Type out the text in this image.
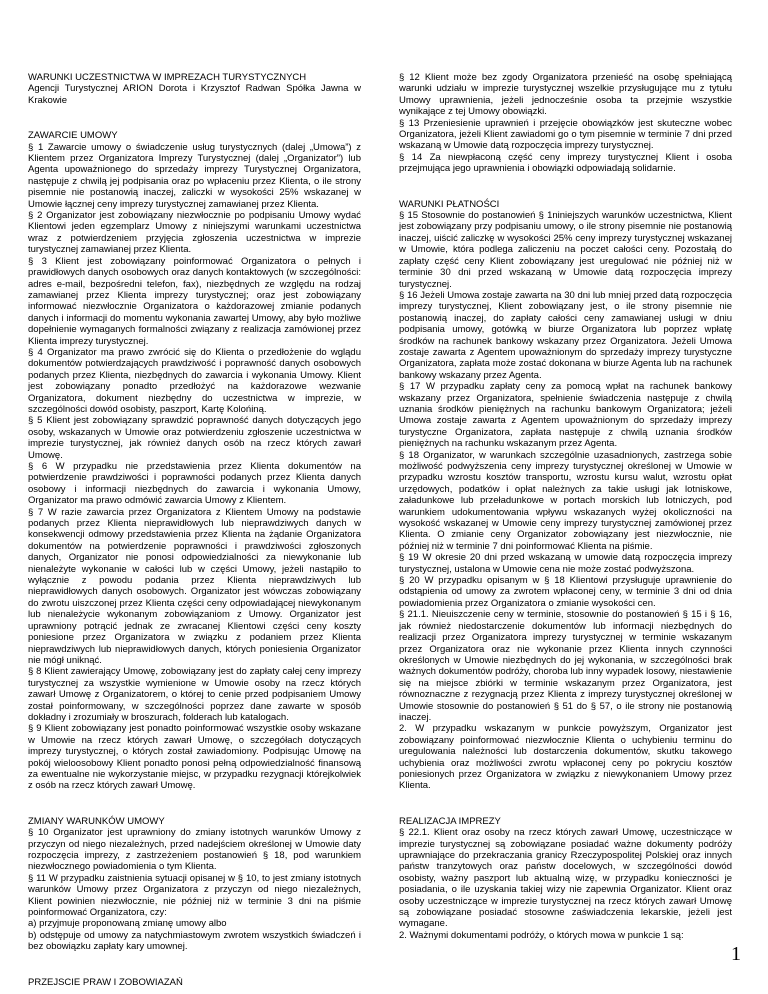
WARUNKI UCZESTNICTWA W IMPREZACH TURYSTYCZNYCH

Agencji Turystycznej ARION Dorota i Krzysztof Radwan Spółka Jawna w Krakowie

ZAWARCIE UMOWY

§ 1 Zawarcie umowy o świadczenie usług turystycznych (dalej „Umowa”) z Klientem przez Organizatora Imprezy Turystycznej (dalej „Organizator”) lub Agenta upoważnionego do sprzedaży imprezy Turystycznej Organizatora, następuje z chwilą jej podpisania oraz po wpłaceniu przez Klienta, o ile strony pisemnie nie postanowią inaczej, zaliczki w wysokości 25% wskazanej w Umowie łącznej ceny imprezy turystycznej zamawianej przez Klienta.

§ 2 Organizator jest zobowiązany niezwłocznie po podpisaniu Umowy wydać Klientowi jeden egzemplarz Umowy z niniejszymi warunkami uczestnictwa wraz z potwierdzeniem przyjęcia zgłoszenia uczestnictwa w imprezie turystycznej zamawianej przez Klienta.

§ 3 Klient jest zobowiązany poinformować Organizatora o pełnych i prawidłowych danych osobowych oraz danych kontaktowych (w szczególności: adres e-mail, bezpośredni telefon, fax), niezbędnych ze względu na rodzaj zamawianej przez Klienta imprezy turystycznej; oraz jest zobowiązany informować niezwłocznie Organizatora o każdorazowej zmianie podanych danych i informacji do momentu wykonania zawartej Umowy, aby było możliwe dopełnienie wymaganych formalności związany z realizacja zamówionej przez Klienta imprezy turystycznej.

§ 4 Organizator ma prawo zwrócić się do Klienta o przedłożenie do wglądu dokumentów potwierdzających prawdziwość i poprawność danych osobowych podanych przez Klienta, niezbędnych do zawarcia i wykonania Umowy. Klient jest zobowiązany ponadto przedłożyć na każdorazowe wezwanie Organizatora, dokument niezbędny do uczestnictwa w imprezie, w szczególności dowód osobisty, paszport, Kartę Kolońiną.

§ 5 Klient jest zobowiązany sprawdzić poprawność danych dotyczących jego osoby, wskazanych w Umowie oraz potwierdzeniu zgłoszenie uczestnictwa w imprezie turystycznej, jak również danych osób na rzecz których zawarł Umowę.

§ 6 W przypadku nie przedstawienia przez Klienta dokumentów na potwierdzenie prawdziwości i poprawności podanych przez Klienta danych osobowy i informacji niezbędnych do zawarcia i wykonania Umowy, Organizator ma prawo odmówić zawarcia Umowy z Klientem.

§ 7 W razie zawarcia przez Organizatora z Klientem Umowy na podstawie podanych przez Klienta nieprawidłowych lub nieprawdziwych danych w konsekwencji odmowy przedstawienia przez Klienta na żądanie Organizatora dokumentów na potwierdzenie poprawności i prawdziwości zgłoszonych danych, Organizator nie ponosi odpowiedzialności za niewykonanie lub nienależyte wykonanie w całości lub w części Umowy, jeżeli nastąpiło to wyłącznie z powodu podania przez Klienta nieprawdziwych lub nieprawidłowych danych osobowych. Organizator jest wówczas zobowiązany do zwrotu uiszczonej przez Klienta części ceny odpowiadającej niewykonanym lub nienależycie wykonanym zobowiązaniom z Umowy. Organizator jest uprawniony potrącić jednak ze zwracanej Klientowi części ceny koszty poniesione przez Organizatora w związku z podaniem przez Klienta nieprawdziwych lub nieprawidłowych danych, których poniesienia Organizator nie mógł uniknąć.

§ 8 Klient zawierający Umowę, zobowiązany jest do zapłaty całej ceny imprezy turystycznej za wszystkie wymienione w Umowie osoby na rzecz których zawarł Umowę z Organizatorem, o której to cenie przed podpisaniem Umowy został poinformowany, w szczególności poprzez dane zawarte w sposób dokładny i zrozumiały w broszurach, folderach lub katalogach.

§ 9 Klient zobowiązany jest ponadto poinformować wszystkie osoby wskazane w Umowie na rzecz których zawarł Umowę, o szczegółach dotyczących imprezy turystycznej, o których został zawiadomiony. Podpisując Umowę na pokój wieloosobowy Klient ponadto ponosi pełną odpowiedzialność finansową za ewentualne nie wykorzystanie miejsc, w przypadku rezygnacji którejkolwiek z osób na rzecz których zawarł Umowę.

ZMIANY WARUNKÓW UMOWY

§ 10 Organizator jest uprawniony do zmiany istotnych warunków Umowy z przyczyn od niego niezależnych, przed nadejściem określonej w Umowie daty rozpoczęcia imprezy, z zastrzeżeniem postanowień § 18, pod warunkiem niezwłocznego powiadomienia o tym Klienta.

§ 11 W przypadku zaistnienia sytuacji opisanej w § 10, to jest zmiany istotnych warunków Umowy przez Organizatora z przyczyn od niego niezależnych, Klient powinien niezwłocznie, nie później niż w terminie 3 dni na piśmie poinformować Organizatora, czy:

a) przyjmuje proponowaną zmianę umowy albo

b) odstępuje od umowy za natychmiastowym zwrotem wszystkich świadczeń i bez obowiązku zapłaty kary umownej.

PRZEJSCIE PRAW I ZOBOWIAZAŃ

§ 12 Klient może bez zgody Organizatora przenieść na osobę spełniającą warunki udziału w imprezie turystycznej wszelkie przysługujące mu z tytułu Umowy uprawnienia, jeżeli jednocześnie osoba ta przejmie wszystkie wynikające z tej Umowy obowiązki.

§ 13 Przeniesienie uprawnień i przejęcie obowiązków jest skuteczne wobec Organizatora, jeżeli Klient zawiadomi go o tym pisemnie w terminie 7 dni przed wskazaną w Umowie datą rozpoczęcia imprezy turystycznej.

§ 14 Za niewpłaconą część ceny imprezy turystycznej Klient i osoba przejmująca jego uprawnienia i obowiązki odpowiadają solidarnie.

WARUNKI PŁATNOŚCI

§ 15 Stosownie do postanowień § 1niniejszych warunków uczestnictwa, Klient jest zobowiązany przy podpisaniu umowy, o ile strony pisemnie nie postanowią inaczej, uiścić zaliczkę w wysokości 25% ceny imprezy turystycznej wskazanej w Umowie, która podlega zaliczeniu na poczet całości ceny. Pozostałą do zapłaty część ceny Klient zobowiązany jest uregulować nie później niż w terminie 30 dni przed wskazaną w Umowie datą rozpoczęcia imprezy turystycznej.

§ 16 Jeżeli Umowa zostaje zawarta na 30 dni lub mniej przed datą rozpoczęcia imprezy turystycznej, Klient zobowiązany jest, o ile strony pisemnie nie postanowią inaczej, do zapłaty całości ceny zamawianej usługi w dniu podpisania umowy, gotówką w biurze Organizatora lub poprzez wpłatę środków na rachunek bankowy wskazany przez Organizatora. Jeżeli Umowa zostaje zawarta z Agentem upoważnionym do sprzedaży imprezy turystyczne Organizatora, zapłata może zostać dokonana w biurze Agenta lub na rachunek bankowy wskazany przez Agenta.

§ 17 W przypadku zapłaty ceny za pomocą wpłat na rachunek bankowy wskazany przez Organizatora, spełnienie świadczenia następuje z chwilą uznania środków pieniężnych na rachunku bankowym Organizatora; jeżeli Umowa zostaje zawarta z Agentem upoważnionym do sprzedaży imprezy turystyczne Organizatora, zapłata następuje z chwilą uznania środków pieniężnych na rachunku wskazanym przez Agenta.

§ 18 Organizator, w warunkach szczególnie uzasadnionych, zastrzega sobie możliwość podwyższenia ceny imprezy turystycznej określonej w Umowie w przypadku wzrostu kosztów transportu, wzrostu kursu walut, wzrostu opłat urzędowych, podatków i opłat należnych za takie usługi jak lotniskowe, załadunkowe lub przeładunkowe w portach morskich lub lotniczych, pod warunkiem udokumentowania wpływu wskazanych wyżej okoliczności na wysokość wskazanej w Umowie ceny imprezy turystycznej zamówionej przez Klienta. O zmianie ceny Organizator zobowiązany jest niezwłocznie, nie później niż w terminie 7 dni poinformować Klienta na piśmie.

§ 19 W okresie 20 dni przed wskazaną w umowie datą rozpoczęcia imprezy turystycznej, ustalona w Umowie cena nie może zostać podwyższona.

§ 20 W przypadku opisanym w § 18 Klientowi przysługuje uprawnienie do odstąpienia od umowy za zwrotem wpłaconej ceny, w terminie 3 dni od dnia powiadomienia przez Organizatora o zmianie wysokości cen.

§ 21.1. Nieuiszczenie ceny w terminie, stosownie do postanowień § 15 i § 16, jak również niedostarczenie dokumentów lub informacji niezbędnych do realizacji przez Organizatora imprezy turystycznej w terminie wskazanym przez Organizatora oraz nie wykonanie przez Klienta innych czynności określonych w Umowie niezbędnych do jej wykonania, w szczególności brak ważnych dokumentów podróży, choroba lub inny wypadek losowy, niestawienie się na miejsce zbiórki w terminie wskazanym przez Organizatora, jest równoznaczne z rezygnacją przez Klienta z imprezy turystycznej określonej w Umowie stosownie do postanowień § 51 do § 57, o ile strony nie postanowią inaczej.

2. W przypadku wskazanym w punkcie powyższym, Organizator jest zobowiązany poinformować niezwłocznie Klienta o uchybieniu terminu do uregulowania należności lub dostarczenia dokumentów, skutku takowego uchybienia oraz możliwości zwrotu wpłaconej ceny po pokryciu kosztów poniesionych przez Organizatora w związku z niewykonaniem Umowy przez Klienta.

REALIZACJA IMPREZY

§ 22.1. Klient oraz osoby na rzecz których zawarł Umowę, uczestniczące w imprezie turystycznej są zobowiązane posiadać ważne dokumenty podróży uprawniające do przekraczania granicy Rzeczypospolitej Polskiej oraz innych państw tranzytowych oraz państw docelowych, w szczególności dowód osobisty, ważny paszport lub aktualną wizę, w przypadku konieczności je posiadania, o ile uzyskania takiej wizy nie zapewnia Organizator. Klient oraz osoby uczestniczące w imprezie turystycznej na rzecz których zawarł Umowę są zobowiązane posiadać stosowne zaświadczenia lekarskie, jeżeli jest wymagane.

2. Ważnymi dokumentami podróży, o których mowa w punkcie 1 są:

1
